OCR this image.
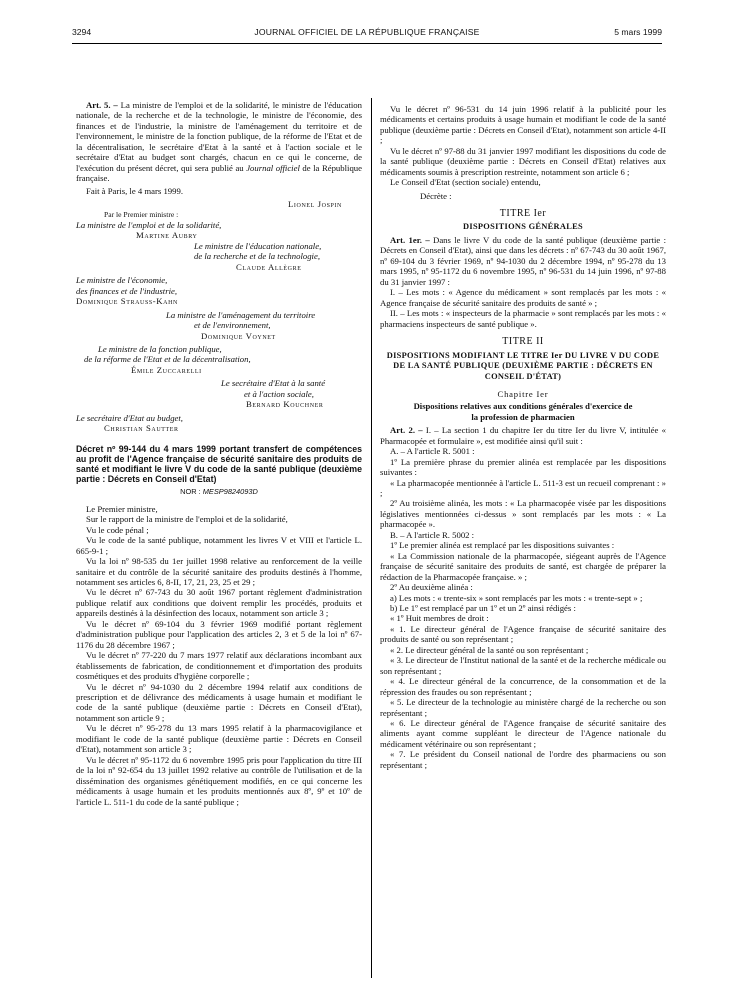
3294	JOURNAL OFFICIEL DE LA RÉPUBLIQUE FRANÇAISE	5 mars 1999

Art. 5. – La ministre de l'emploi et de la solidarité, le ministre de l'éducation nationale, de la recherche et de la technologie, le ministre de l'économie, des finances et de l'industrie, la ministre de l'aménagement du territoire et de l'environnement, le ministre de la fonction publique, de la réforme de l'Etat et de la décentralisation, le secrétaire d'Etat à la santé et à l'action sociale et le secrétaire d'Etat au budget sont chargés, chacun en ce qui le concerne, de l'exécution du présent décret, qui sera publié au Journal officiel de la République française.

Fait à Paris, le 4 mars 1999.

Lionel Jospin

Par le Premier ministre :

La ministre de l'emploi et de la solidarité,

Martine Aubry

Le ministre de l'éducation nationale,

de la recherche et de la technologie,

Claude Allègre

Le ministre de l'économie,

des finances et de l'industrie,

Dominique Strauss-Kahn

La ministre de l'aménagement du territoire

et de l'environnement,

Dominique Voynet

Le ministre de la fonction publique,

de la réforme de l'Etat et de la décentralisation,

Émile Zuccarelli

Le secrétaire d'Etat à la santé

et à l'action sociale,

Bernard Kouchner

Le secrétaire d'Etat au budget,

Christian Sautter

Décret nº 99-144 du 4 mars 1999 portant transfert de compétences au profit de l'Agence française de sécurité sanitaire des produits de santé et modifiant le livre V du code de la santé publique (deuxième partie : Décrets en Conseil d'Etat)

NOR : MESP9824093D

Le Premier ministre,

Sur le rapport de la ministre de l'emploi et de la solidarité,

Vu le code pénal ;

Vu le code de la santé publique, notamment les livres V et VIII et l'article L. 665-9-1 ;

Vu la loi nº 98-535 du 1er juillet 1998 relative au renforcement de la veille sanitaire et du contrôle de la sécurité sanitaire des produits destinés à l'homme, notamment ses articles 6, 8-II, 17, 21, 23, 25 et 29 ;

Vu le décret nº 67-743 du 30 août 1967 portant règlement d'administration publique relatif aux conditions que doivent remplir les procédés, produits et appareils destinés à la désinfection des locaux, notamment son article 3 ;

Vu le décret nº 69-104 du 3 février 1969 modifié portant règlement d'administration publique pour l'application des articles 2, 3 et 5 de la loi nº 67-1176 du 28 décembre 1967 ;

Vu le décret nº 77-220 du 7 mars 1977 relatif aux déclarations incombant aux établissements de fabrication, de conditionnement et d'importation des produits cosmétiques et des produits d'hygiène corporelle ;

Vu le décret nº 94-1030 du 2 décembre 1994 relatif aux conditions de prescription et de délivrance des médicaments à usage humain et modifiant le code de la santé publique (deuxième partie : Décrets en Conseil d'Etat), notamment son article 9 ;

Vu le décret nº 95-278 du 13 mars 1995 relatif à la pharmacovigilance et modifiant le code de la santé publique (deuxième partie : Décrets en Conseil d'Etat), notamment son article 3 ;

Vu le décret nº 95-1172 du 6 novembre 1995 pris pour l'application du titre III de la loi nº 92-654 du 13 juillet 1992 relative au contrôle de l'utilisation et de la dissémination des organismes génétiquement modifiés, en ce qui concerne les médicaments à usage humain et les produits mentionnés aux 8º, 9º et 10º de l'article L. 511-1 du code de la santé publique ;

Vu le décret nº 96-531 du 14 juin 1996 relatif à la publicité pour les médicaments et certains produits à usage humain et modifiant le code de la santé publique (deuxième partie : Décrets en Conseil d'Etat), notamment son article 4-II ;

Vu le décret nº 97-88 du 31 janvier 1997 modifiant les dispositions du code de la santé publique (deuxième partie : Décrets en Conseil d'Etat) relatives aux médicaments soumis à prescription restreinte, notamment son article 6 ;

Le Conseil d'Etat (section sociale) entendu,

Décrète :

TITRE Ier

DISPOSITIONS GÉNÉRALES

Art. 1er. – Dans le livre V du code de la santé publique (deuxième partie : Décrets en Conseil d'Etat), ainsi que dans les décrets : nº 67-743 du 30 août 1967, nº 69-104 du 3 février 1969, nº 94-1030 du 2 décembre 1994, nº 95-278 du 13 mars 1995, nº 95-1172 du 6 novembre 1995, nº 96-531 du 14 juin 1996, nº 97-88 du 31 janvier 1997 :

I. – Les mots : « Agence du médicament » sont remplacés par les mots : « Agence française de sécurité sanitaire des produits de santé » ;

II. – Les mots : « inspecteurs de la pharmacie » sont remplacés par les mots : « pharmaciens inspecteurs de santé publique ».

TITRE II

DISPOSITIONS MODIFIANT LE TITRE Ier DU LIVRE V DU CODE DE LA SANTÉ PUBLIQUE (DEUXIÈME PARTIE : DÉCRETS EN CONSEIL D'ÉTAT)

Chapitre Ier

Dispositions relatives aux conditions générales d'exercice de la profession de pharmacien

Art. 2. – I. – La section 1 du chapitre Ier du titre Ier du livre V, intitulée « Pharmacopée et formulaire », est modifiée ainsi qu'il suit :

A. – A l'article R. 5001 :

1º La première phrase du premier alinéa est remplacée par les dispositions suivantes :

« La pharmacopée mentionnée à l'article L. 511-3 est un recueil comprenant : » ;

2º Au troisième alinéa, les mots : « La pharmacopée visée par les dispositions législatives mentionnées ci-dessus » sont remplacés par les mots : « La pharmacopée ».

B. – A l'article R. 5002 :

1º Le premier alinéa est remplacé par les dispositions suivantes :

« La Commission nationale de la pharmacopée, siégeant auprès de l'Agence française de sécurité sanitaire des produits de santé, est chargée de préparer la rédaction de la Pharmacopée française. » ;

2º Au deuxième alinéa :

a) Les mots : « trente-six » sont remplacés par les mots : « trente-sept » ;

b) Le 1º est remplacé par un 1º et un 2º ainsi rédigés :

« 1º Huit membres de droit :

« 1. Le directeur général de l'Agence française de sécurité sanitaire des produits de santé ou son représentant ;

« 2. Le directeur général de la santé ou son représentant ;

« 3. Le directeur de l'Institut national de la santé et de la recherche médicale ou son représentant ;

« 4. Le directeur général de la concurrence, de la consommation et de la répression des fraudes ou son représentant ;

« 5. Le directeur de la technologie au ministère chargé de la recherche ou son représentant ;

« 6. Le directeur général de l'Agence française de sécurité sanitaire des aliments ayant comme suppléant le directeur de l'Agence nationale du médicament vétérinaire ou son représentant ;

« 7. Le président du Conseil national de l'ordre des pharmaciens ou son représentant ;
